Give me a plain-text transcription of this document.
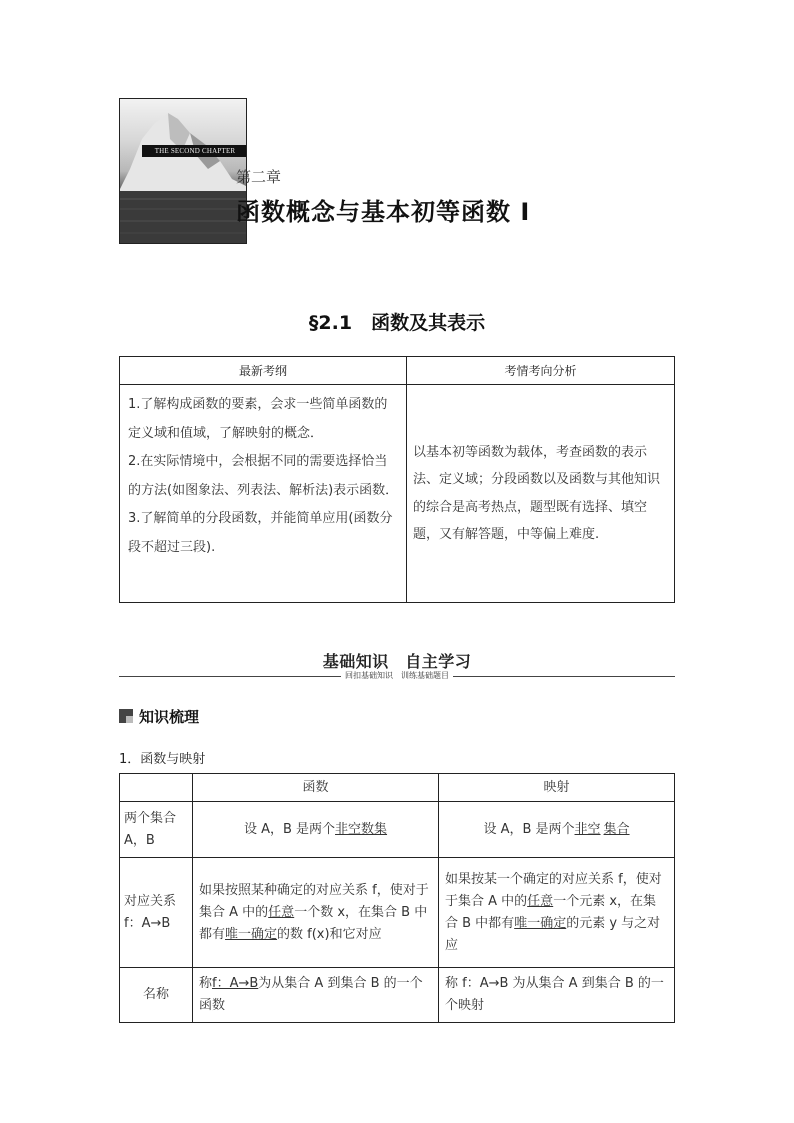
THE SECOND CHAPTER
第二章
函数概念与基本初等函数 I
§2.1　函数及其表示
最新考纲	考情考向分析

1.了解构成函数的要素，会求一些简单函数的定义域和值域，了解映射的概念．
2.在实际情境中，会根据不同的需要选择恰当的方法(如图象法、列表法、解析法)表示函数．
3.了解简单的分段函数，并能简单应用(函数分段不超过三段).	以基本初等函数为载体，考查函数的表示法、定义域；分段函数以及函数与其他知识的综合是高考热点，题型既有选择、填空题，又有解答题，中等偏上难度.
基础知识　自主学习
回扣基础知识　训练基础题目
知识梳理
1．函数与映射
	函数	映射

两个集合
A，B	设 A，B 是两个非空数集	设 A，B 是两个非空 集合

对应关系
f：A→B	如果按照某种确定的对应关系 f，使对于集合 A 中的任意一个数 x，在集合 B 中都有唯一确定的数 f(x)和它对应	如果按某一个确定的对应关系 f，使对于集合 A 中的任意一个元素 x，在集合 B 中都有唯一确定的元素 y 与之对应
名称	称f：A→B为从集合 A 到集合 B 的一个函数	称 f：A→B 为从集合 A 到集合 B 的一个映射
